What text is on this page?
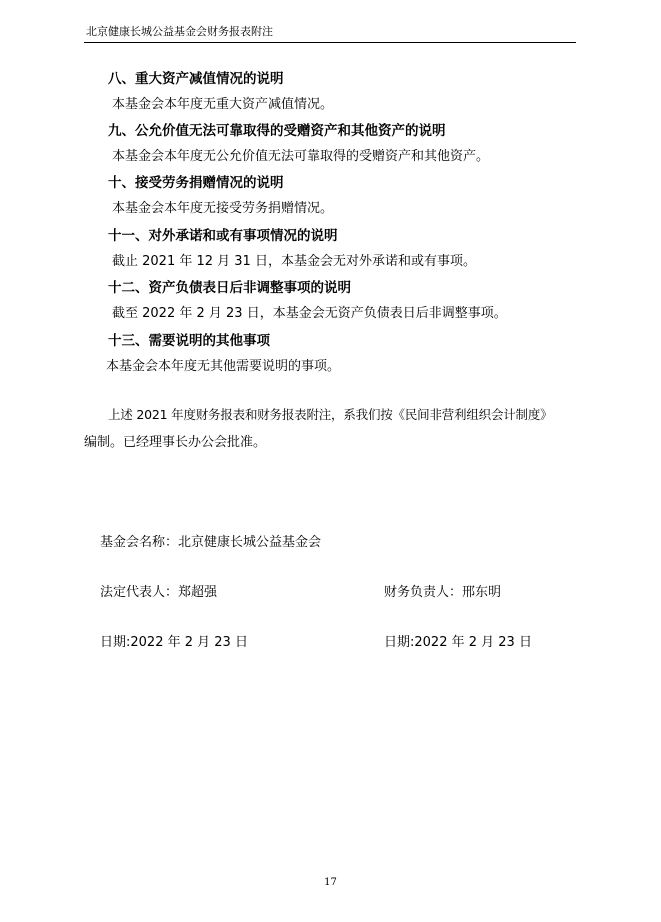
北京健康长城公益基金会财务报表附注
八、重大资产减值情况的说明
本基金会本年度无重大资产减值情况。
九、公允价值无法可靠取得的受赠资产和其他资产的说明
本基金会本年度无公允价值无法可靠取得的受赠资产和其他资产。
十、接受劳务捐赠情况的说明
本基金会本年度无接受劳务捐赠情况。
十一、对外承诺和或有事项情况的说明
截止 2021 年 12 月 31 日，本基金会无对外承诺和或有事项。
十二、资产负债表日后非调整事项的说明
截至 2022 年 2 月 23 日，本基金会无资产负债表日后非调整事项。
十三、需要说明的其他事项
本基金会本年度无其他需要说明的事项。
上述 2021 年度财务报表和财务报表附注，系我们按《民间非营利组织会计制度》
编制。已经理事长办公会批准。
基金会名称：北京健康长城公益基金会
法定代表人：郑超强	财务负责人：邢东明
日期:2022 年 2 月 23 日	日期:2022 年 2 月 23 日
17
